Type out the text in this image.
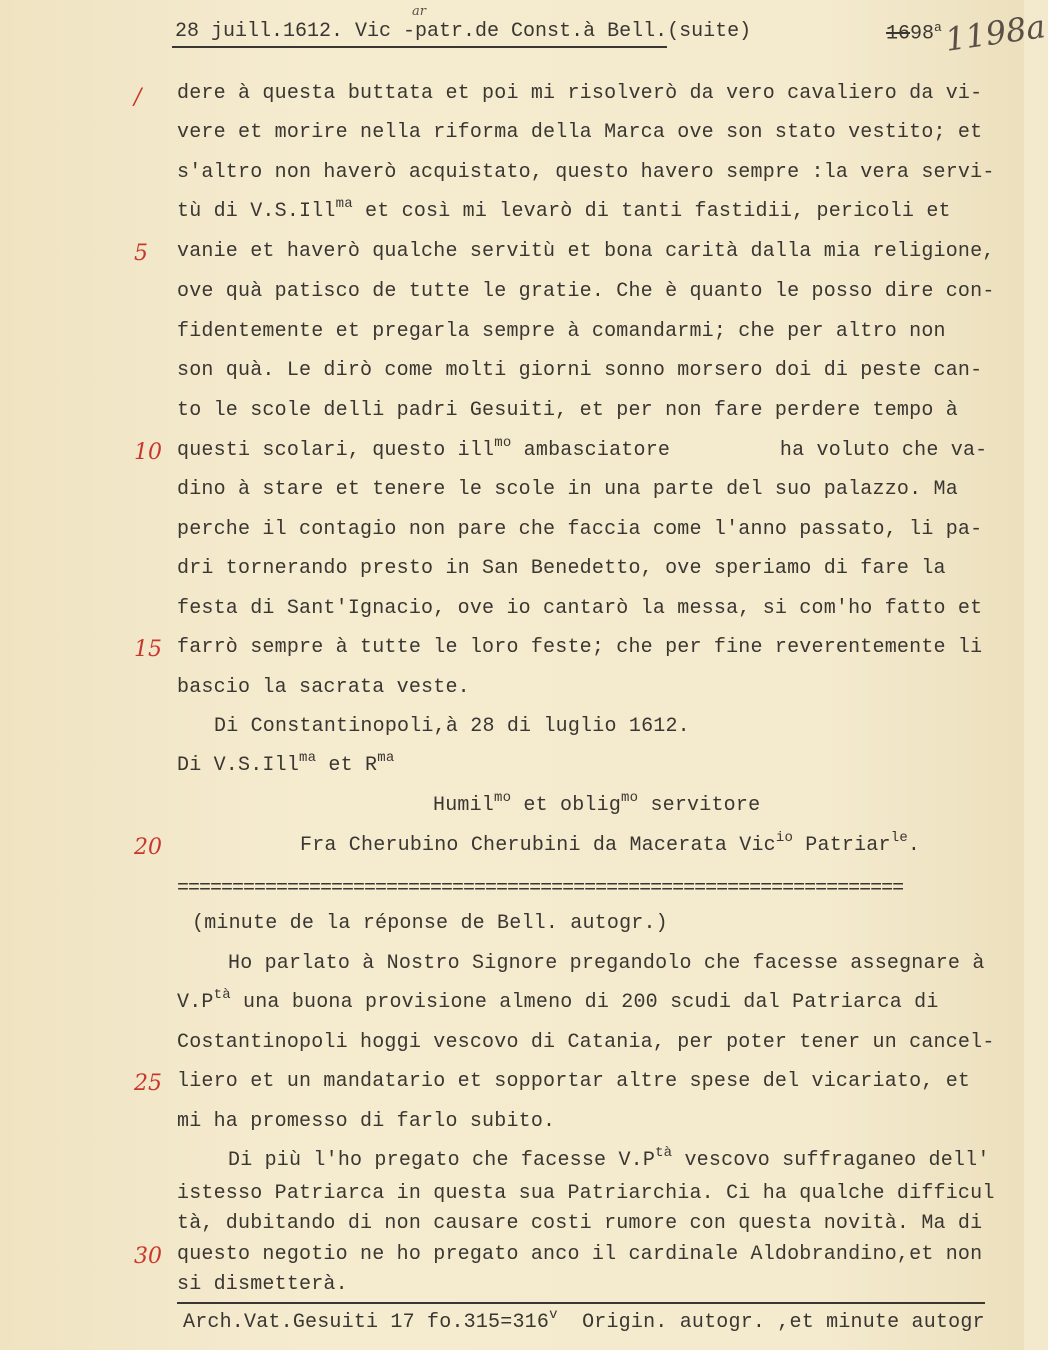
ar
28 juill.1612. Vic -patr.de Const.à Bell.(suite)	1698$^a$ 1198a
dere à questa buttata et poi mi risolverò da vero cavaliero da vi-
/
vere et morire nella riforma della Marca ove son stato vestito; et
s'altro non haverò acquistato, questo havero sempre :la vera servi-
tù di V.S.Ill$^{ma}$ et così mi levarò di tanti fastidii, pericoli et
vanie et haverò qualche servitù et bona carità dalla mia religione,
5
ove quà patisco de tutte le gratie. Che è quanto le posso dire con-
fidentemente et pregarla sempre à comandarmi; che per altro non
son quà. Le dirò come molti giorni sonno morsero doi di peste can-
to le scole delli padri Gesuiti, et per non fare perdere tempo à
questi scolari, questo ill$^{mo}$ ambasciatore         ha voluto che va-
10
dino à stare et tenere le scole in una parte del suo palazzo. Ma
perche il contagio non pare che faccia come l'anno passato, li pa-
dri tornerando presto in San Benedetto, ove speriamo di fare la
festa di Sant'Ignacio, ove io cantarò la messa, si com'ho fatto et
farrò sempre à tutte le loro feste; che per fine reverentemente li
15
bascio la sacrata veste.
Di Constantinopoli,à 28 di luglio 1612.
Di V.S.Ill$^{ma}$ et $R^{ma}$
Humil$^{mo}$ et oblig$^{mo}$ servitore
Fra Cherubino Cherubini da Macerata Vic$^{io}$ Patriar$^{le}$.
20
(minute de la réponse de Bell. autogr.)
Ho parlato à Nostro Signore pregandolo che facesse assegnare à
$V.P^{tà}$ una buona provisione almeno di 200 scudi dal Patriarca di
Costantinopoli hoggi vescovo di Catania, per poter tener un cancel-
liero et un mandatario et sopportar altre spese del vicariato, et
25
mi ha promesso di farlo subito.
Di più l'ho pregato che facesse $V.P^{tà}$ vescovo suffraganeo dell'
istesso Patriarca in questa sua Patriarchia. Ci ha qualche difficul
tà, dubitando di non causare costi rumore con questa novità. Ma di
questo negotio ne ho pregato anco il cardinale Aldobrandino,et non
30
si dismetterà.
==================================================================
Arch.Vat.Gesuiti 17 $fo.315=316^v$  Origin. autogr. ,et minute autogr
